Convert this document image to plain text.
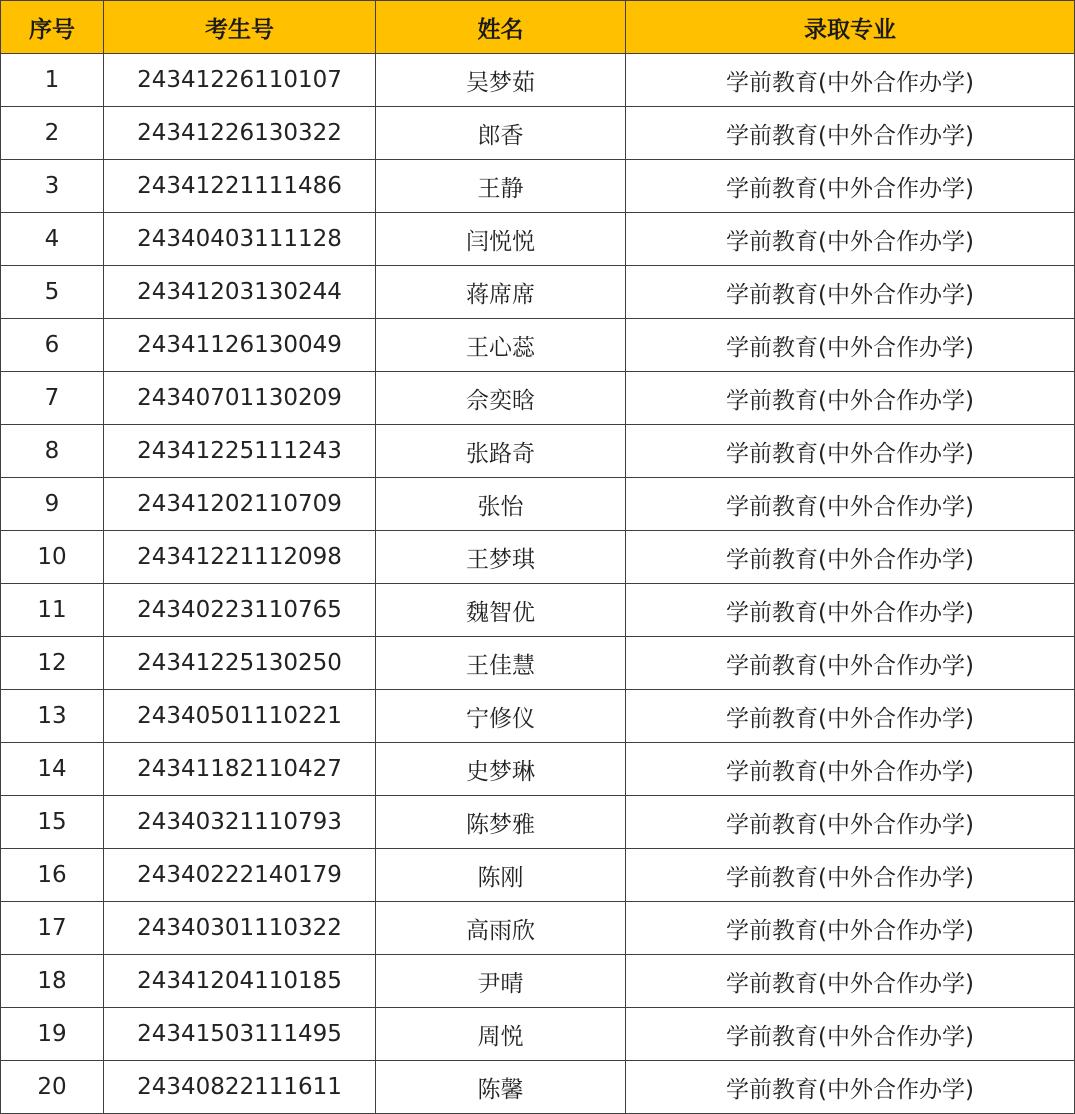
序号	考生号	姓名	录取专业
1	24341226110107	吴梦茹	学前教育(中外合作办学)
2	24341226130322	郎香	学前教育(中外合作办学)
3	24341221111486	王静	学前教育(中外合作办学)
4	24340403111128	闫悦悦	学前教育(中外合作办学)
5	24341203130244	蒋席席	学前教育(中外合作办学)
6	24341126130049	王心蕊	学前教育(中外合作办学)
7	24340701130209	佘奕晗	学前教育(中外合作办学)
8	24341225111243	张路奇	学前教育(中外合作办学)
9	24341202110709	张怡	学前教育(中外合作办学)
10	24341221112098	王梦琪	学前教育(中外合作办学)
11	24340223110765	魏智优	学前教育(中外合作办学)
12	24341225130250	王佳慧	学前教育(中外合作办学)
13	24340501110221	宁修仪	学前教育(中外合作办学)
14	24341182110427	史梦琳	学前教育(中外合作办学)
15	24340321110793	陈梦雅	学前教育(中外合作办学)
16	24340222140179	陈刚	学前教育(中外合作办学)
17	24340301110322	高雨欣	学前教育(中外合作办学)
18	24341204110185	尹晴	学前教育(中外合作办学)
19	24341503111495	周悦	学前教育(中外合作办学)
20	24340822111611	陈馨	学前教育(中外合作办学)
